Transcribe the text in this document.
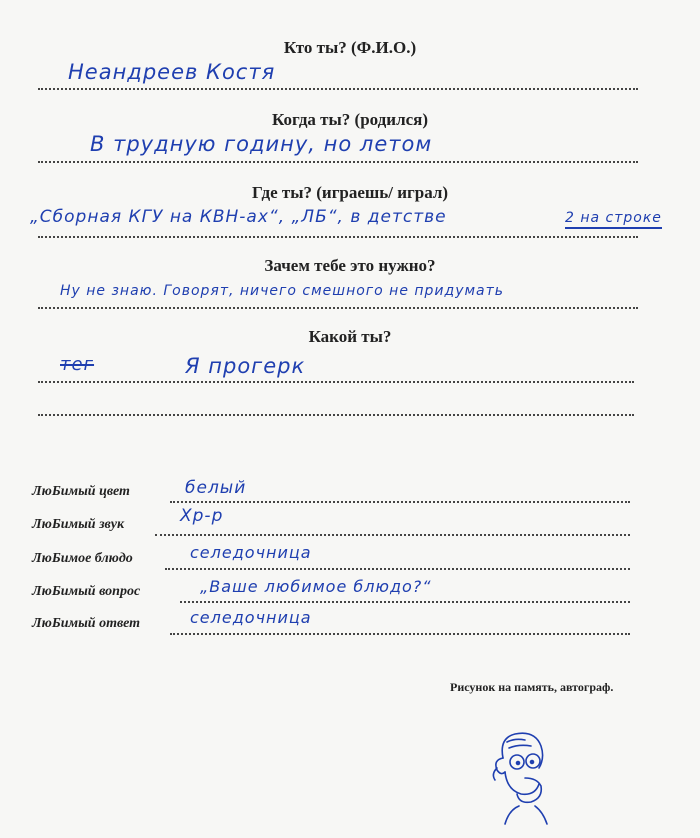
Кто ты? (Ф.И.О.)
Неандреев Костя
Когда ты? (родился)
В трудную годину, но летом
Где ты? (играешь/ играл)
„Сборная КГУ на КВН-ах“, „ЛБ“, в детстве	2 на строке
Зачем тебе это нужно?
Ну не знаю. Говорят, ничего смешного не придумать
Какой ты?
тег	Я прогерк
ЛюБимый цвет	белый
ЛюБимый звук	Хр-р
ЛюБимое блюдо	селедочница
ЛюБимый вопрос	„Ваше любимое блюдо?“
ЛюБимый ответ	селедочница
Рисунок на память, автограф.
